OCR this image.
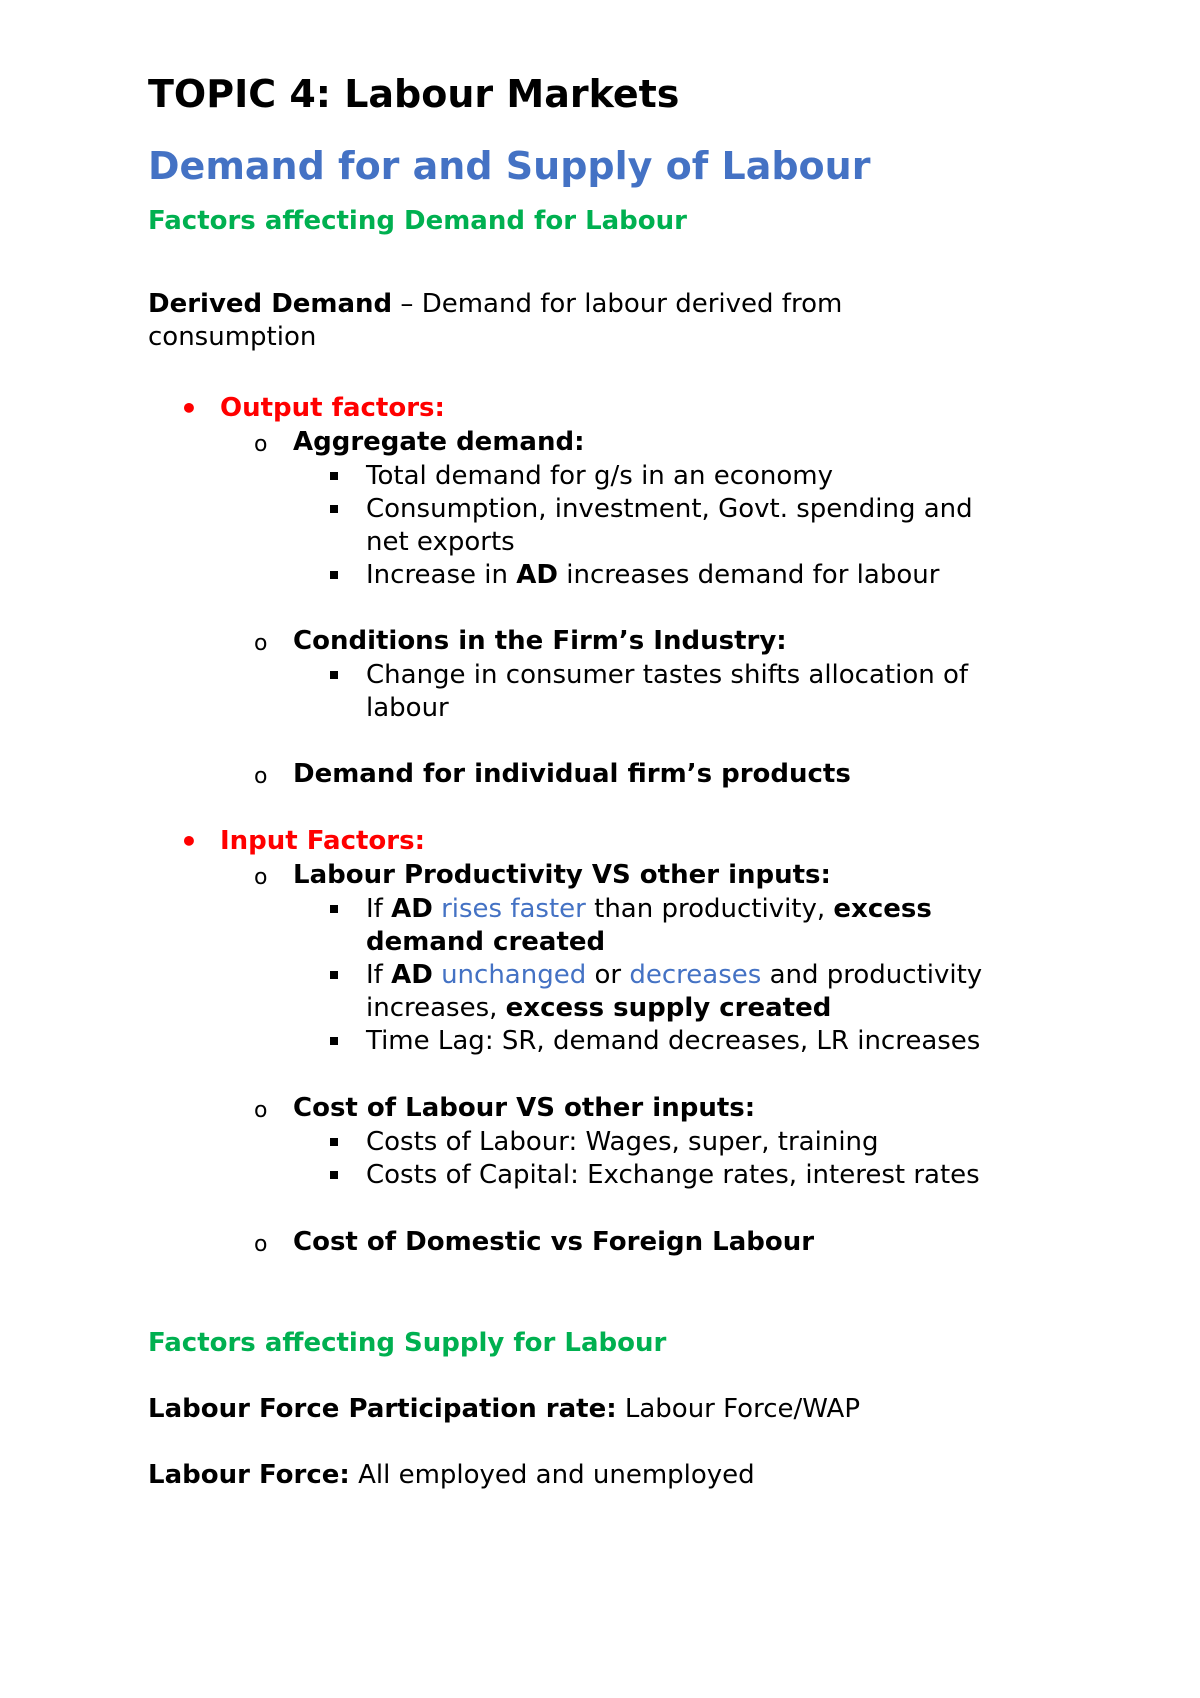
TOPIC 4: Labour Markets
Demand for and Supply of Labour
Factors affecting Demand for Labour

Derived Demand – Demand for labour derived from
consumption

• Output factors:
o Aggregate demand:
Total demand for g/s in an economy
Consumption, investment, Govt. spending and
net exports
Increase in AD increases demand for labour
o Conditions in the Firm’s Industry:
Change in consumer tastes shifts allocation of
labour
o Demand for individual firm’s products
• Input Factors:
o Labour Productivity VS other inputs:
If AD rises faster than productivity, excess
demand created
If AD unchanged or decreases and productivity
increases, excess supply created
Time Lag: SR, demand decreases, LR increases
o Cost of Labour VS other inputs:
Costs of Labour: Wages, super, training
Costs of Capital: Exchange rates, interest rates
o Cost of Domestic vs Foreign Labour
Factors affecting Supply for Labour

Labour Force Participation rate: Labour Force/WAP

Labour Force: All employed and unemployed
